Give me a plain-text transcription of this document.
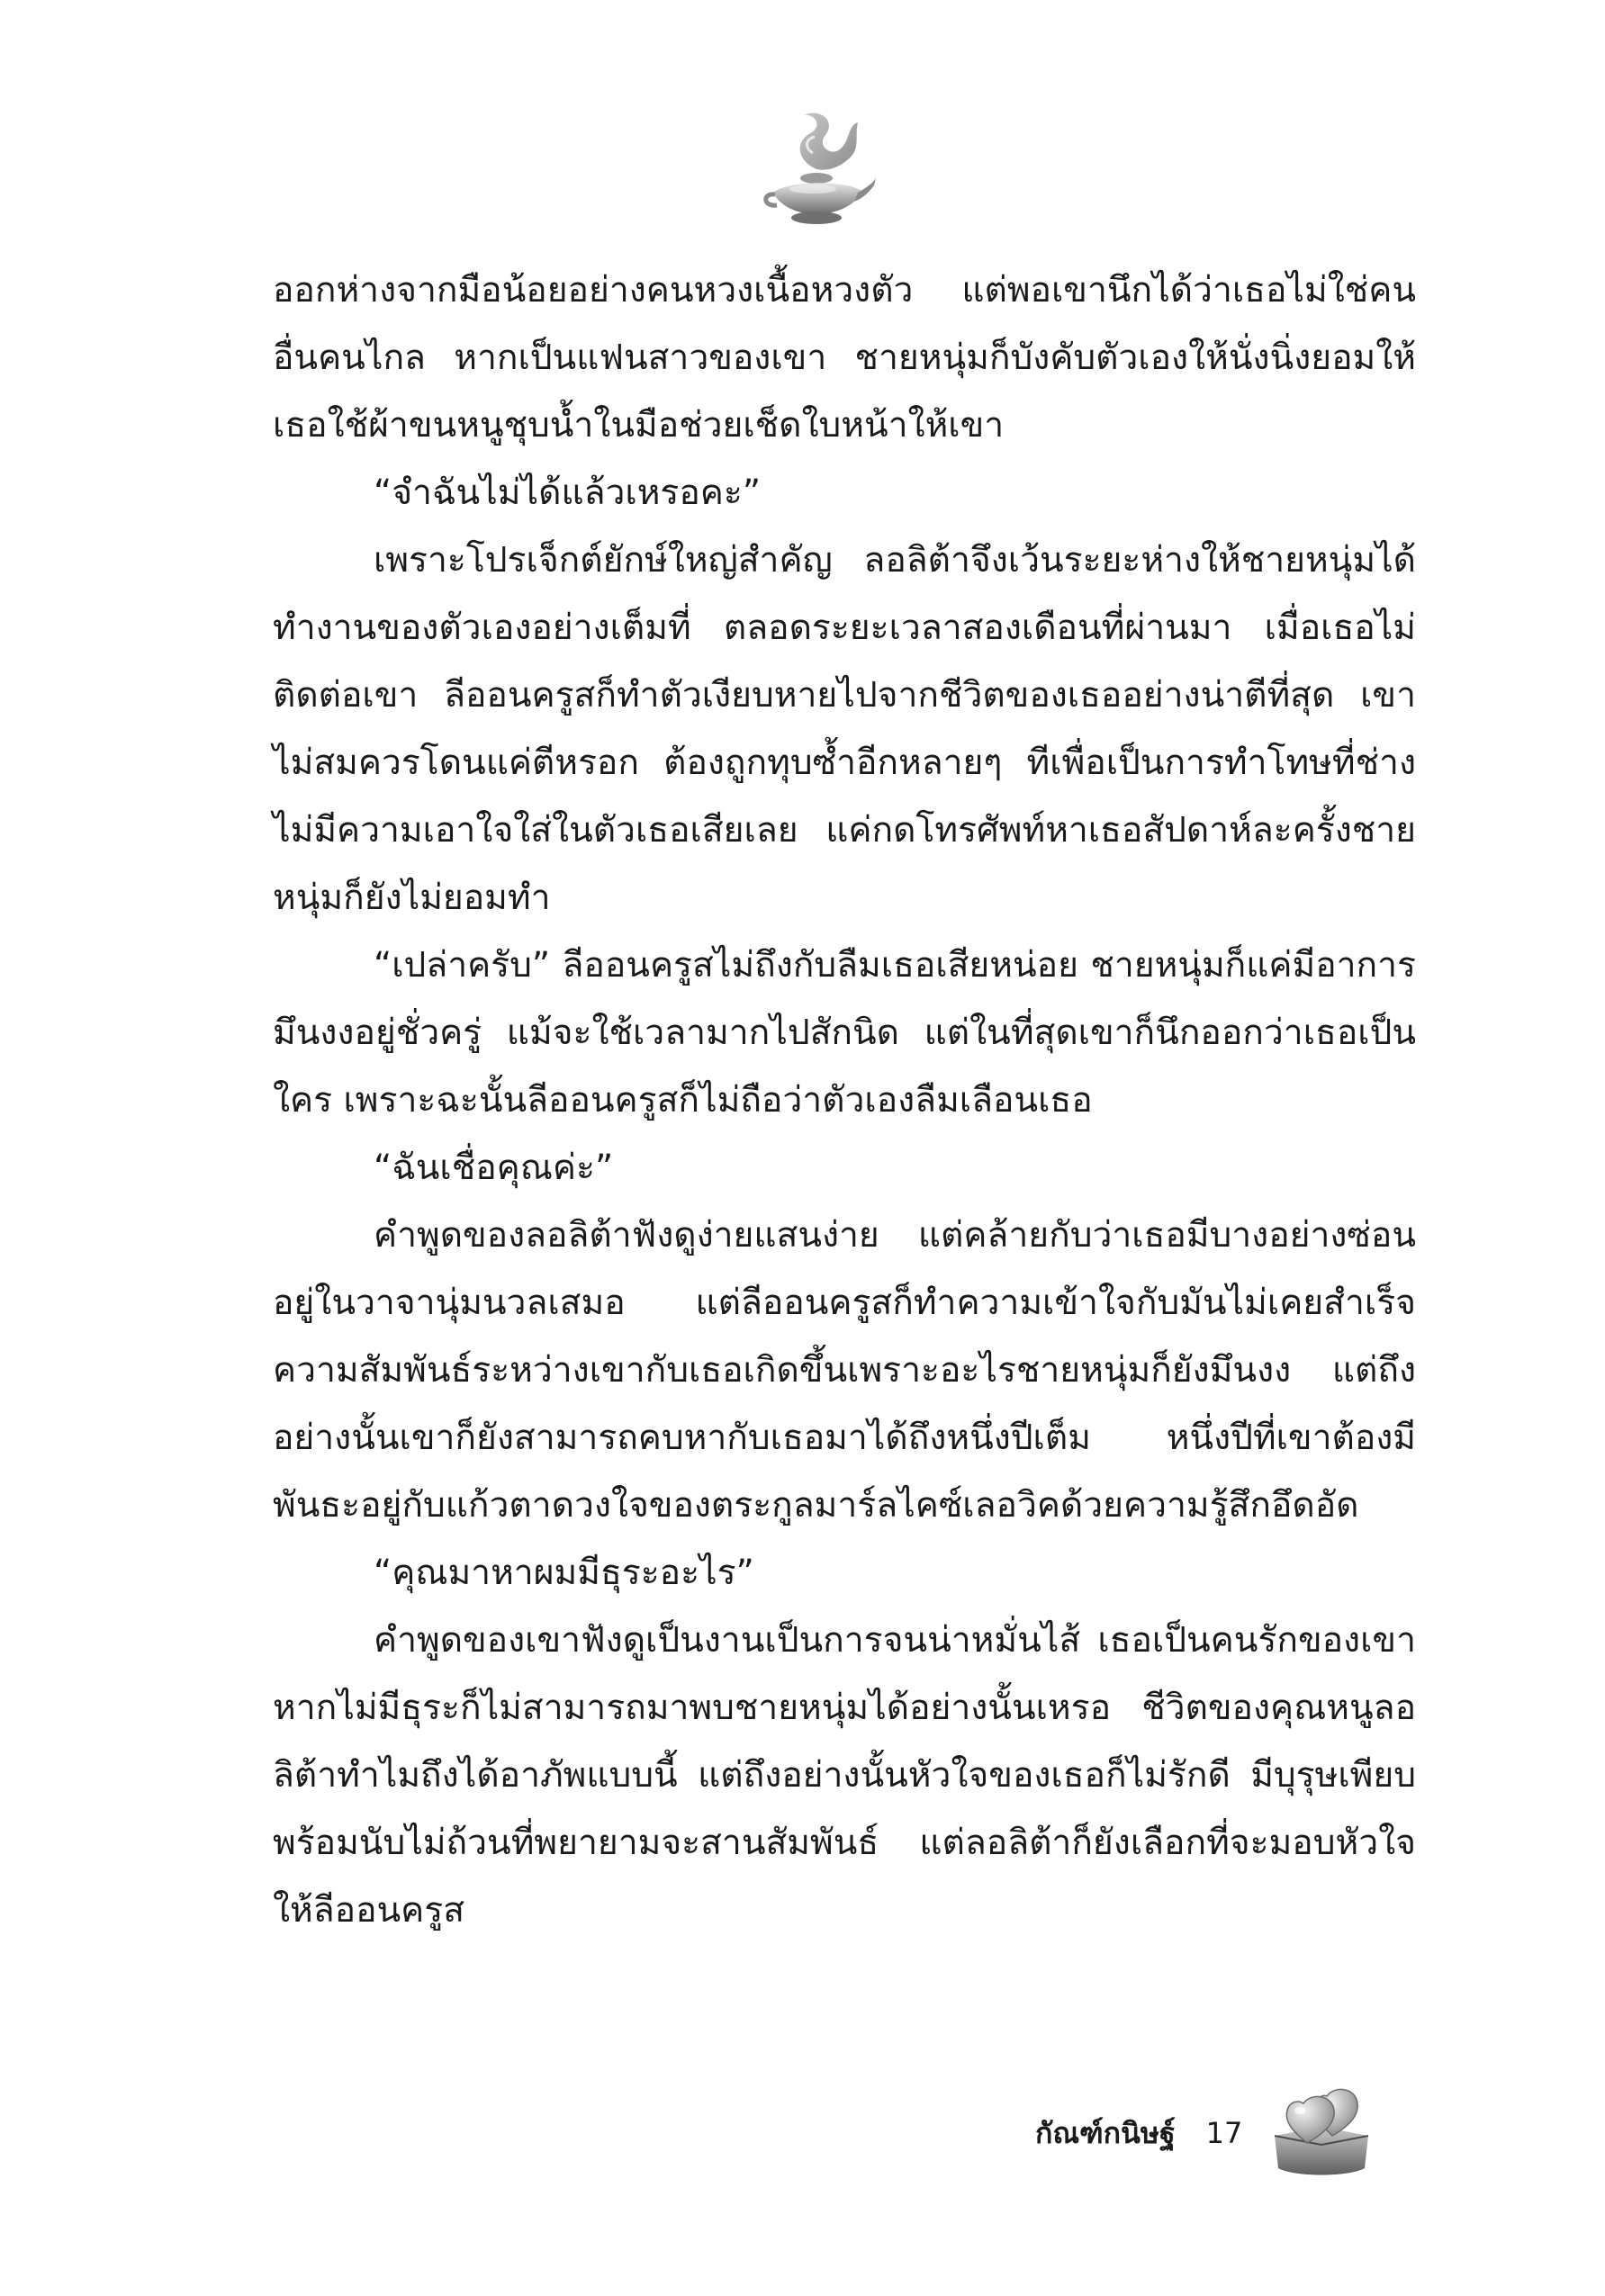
ออกห่างจากมือน้อยอย่างคนหวงเนื้อหวงตัว แต่พอเขานึกได้ว่าเธอไม่ใช่คนอื่นคนไกล หากเป็นแฟนสาวของเขา ชายหนุ่มก็บังคับตัวเองให้นั่งนิ่งยอมให้เธอใช้ผ้าขนหนูชุบน้ำในมือช่วยเช็ดใบหน้าให้เขา

“จำฉันไม่ได้แล้วเหรอคะ”

เพราะโปรเจ็กต์ยักษ์ใหญ่สำคัญ ลอลิต้าจึงเว้นระยะห่างให้ชายหนุ่มได้ทำงานของตัวเองอย่างเต็มที่ ตลอดระยะเวลาสองเดือนที่ผ่านมา เมื่อเธอไม่ติดต่อเขา ลีออนครูสก็ทำตัวเงียบหายไปจากชีวิตของเธออย่างน่าตีที่สุด เขาไม่สมควรโดนแค่ตีหรอก ต้องถูกทุบซ้ำอีกหลายๆ ทีเพื่อเป็นการทำโทษที่ช่างไม่มีความเอาใจใส่ในตัวเธอเสียเลย แค่กดโทรศัพท์หาเธอสัปดาห์ละครั้งชายหนุ่มก็ยังไม่ยอมทำ

“เปล่าครับ” ลีออนครูสไม่ถึงกับลืมเธอเสียหน่อย ชายหนุ่มก็แค่มีอาการมึนงงอยู่ชั่วครู่ แม้จะใช้เวลามากไปสักนิด แต่ในที่สุดเขาก็นึกออกว่าเธอเป็นใคร เพราะฉะนั้นลีออนครูสก็ไม่ถือว่าตัวเองลืมเลือนเธอ

“ฉันเชื่อคุณค่ะ”

คำพูดของลอลิต้าฟังดูง่ายแสนง่าย แต่คล้ายกับว่าเธอมีบางอย่างซ่อนอยู่ในวาจานุ่มนวลเสมอ แต่ลีออนครูสก็ทำความเข้าใจกับมันไม่เคยสำเร็จ ความสัมพันธ์ระหว่างเขากับเธอเกิดขึ้นเพราะอะไรชายหนุ่มก็ยังมึนงง แต่ถึงอย่างนั้นเขาก็ยังสามารถคบหากับเธอมาได้ถึงหนึ่งปีเต็ม หนึ่งปีที่เขาต้องมีพันธะอยู่กับแก้วตาดวงใจของตระกูลมาร์ลไคซ์เลอวิคด้วยความรู้สึกอึดอัด

“คุณมาหาผมมีธุระอะไร”

คำพูดของเขาฟังดูเป็นงานเป็นการจนน่าหมั่นไส้ เธอเป็นคนรักของเขาหากไม่มีธุระก็ไม่สามารถมาพบชายหนุ่มได้อย่างนั้นเหรอ ชีวิตของคุณหนูลอลิต้าทำไมถึงได้อาภัพแบบนี้ แต่ถึงอย่างนั้นหัวใจของเธอก็ไม่รักดี มีบุรุษเพียบพร้อมนับไม่ถ้วนที่พยายามจะสานสัมพันธ์ แต่ลอลิต้าก็ยังเลือกที่จะมอบหัวใจให้ลีออนครูส

กัณฑ์กนิษฐ์ 17
